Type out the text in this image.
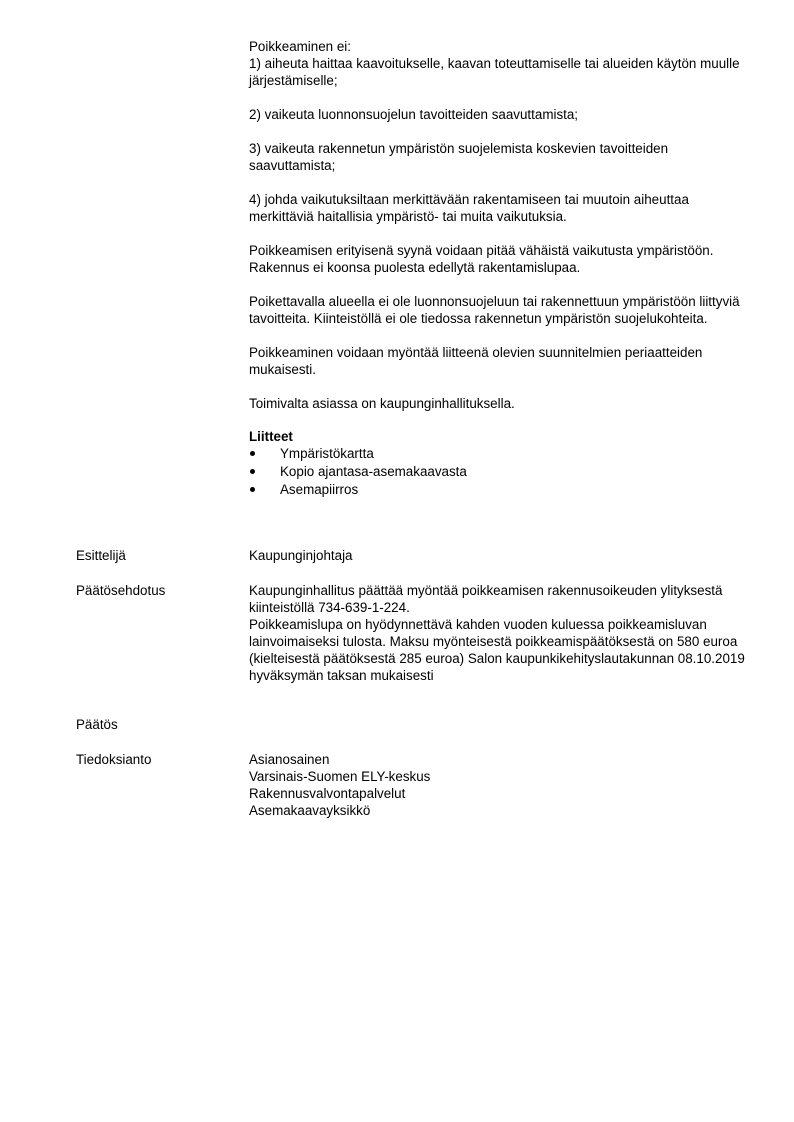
Poikkeaminen ei:
1) aiheuta haittaa kaavoitukselle, kaavan toteuttamiselle tai alueiden käytön muulle järjestämiselle;

2) vaikeuta luonnonsuojelun tavoitteiden saavuttamista;

3) vaikeuta rakennetun ympäristön suojelemista koskevien tavoitteiden saavuttamista;

4) johda vaikutuksiltaan merkittävään rakentamiseen tai muutoin aiheuttaa merkittäviä haitallisia ympäristö- tai muita vaikutuksia.

Poikkeamisen erityisenä syynä voidaan pitää vähäistä vaikutusta ympäristöön. Rakennus ei koonsa puolesta edellytä rakentamislupaa.

Poikettavalla alueella ei ole luonnonsuojeluun tai rakennettuun ympäristöön liittyviä tavoitteita. Kiinteistöllä ei ole tiedossa rakennetun ympäristön suojelukohteita.

Poikkeaminen voidaan myöntää liitteenä olevien suunnitelmien periaatteiden mukaisesti.

Toimivalta asiassa on kaupunginhallituksella.

Liitteet

Ympäristökartta
Kopio ajantasa-asemakaavasta
Asemapiirros
Esittelijä	Kaupunginjohtaja
Päätösehdotus	Kaupunginhallitus päättää myöntää poikkeamisen rakennusoikeuden ylityksestä kiinteistöllä 734-639-1-224.
Poikkeamislupa on hyödynnettävä kahden vuoden kuluessa poikkeamisluvan lainvoimaiseksi tulosta. Maksu myönteisestä poikkeamispäätöksestä on 580 euroa (kielteisestä päätöksestä 285 euroa) Salon kaupunkikehityslautakunnan 08.10.2019 hyväksymän taksan mukaisesti
Päätös
Tiedoksianto	Asianosainen
Varsinais-Suomen ELY-keskus
Rakennusvalvontapalvelut
Asemakaavayksikkö
